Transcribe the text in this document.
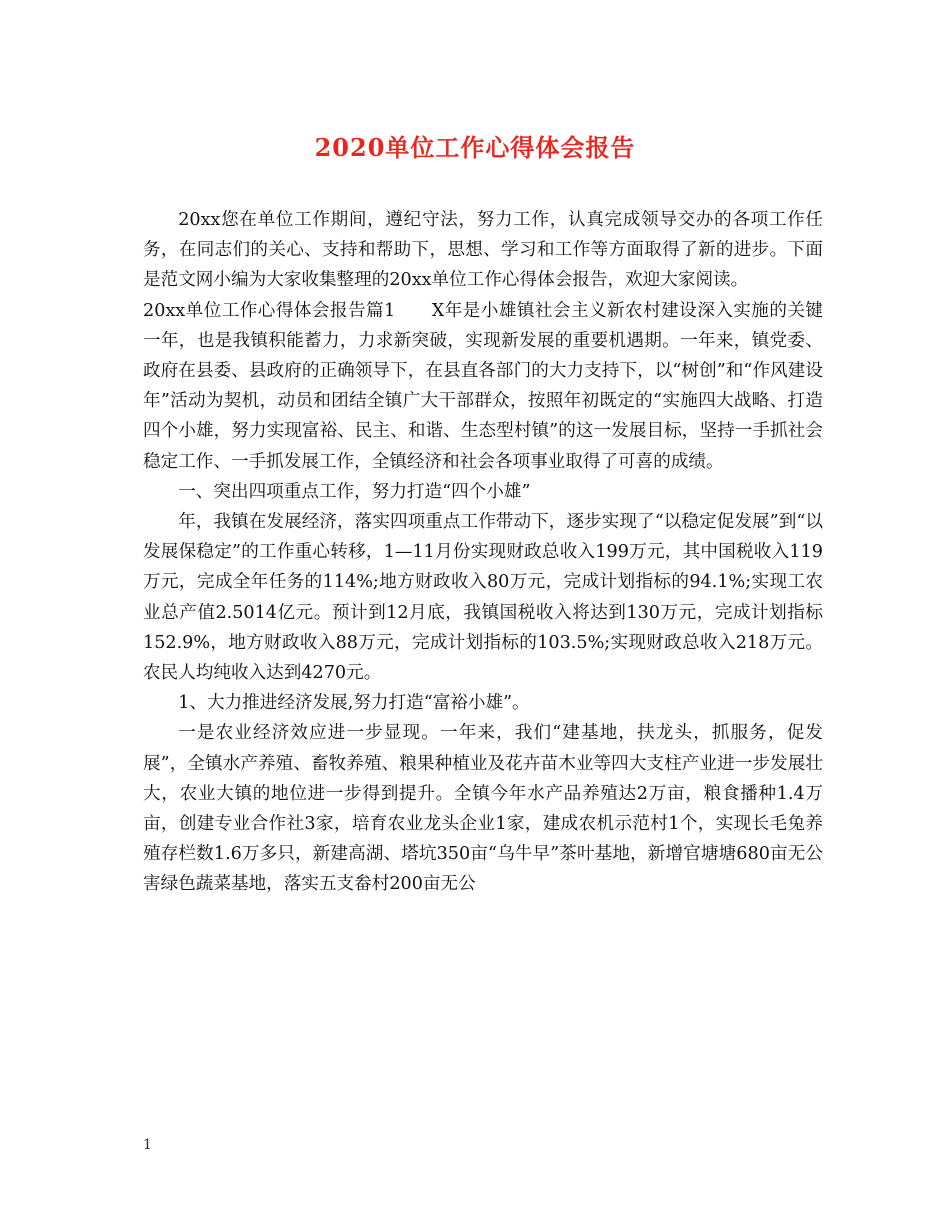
2020单位工作心得体会报告

20xx您在单位工作期间，遵纪守法，努力工作，认真完成领导交办的各项工作任务，在同志们的关心、支持和帮助下，思想、学习和工作等方面取得了新的进步。下面是范文网小编为大家收集整理的20xx单位工作心得体会报告，欢迎大家阅读。

20xx单位工作心得体会报告篇1　　X年是小雄镇社会主义新农村建设深入实施的关键一年，也是我镇积能蓄力，力求新突破，实现新发展的重要机遇期。一年来，镇党委、政府在县委、县政府的正确领导下，在县直各部门的大力支持下，以“树创”和“作风建设年”活动为契机，动员和团结全镇广大干部群众，按照年初既定的“实施四大战略、打造四个小雄，努力实现富裕、民主、和谐、生态型村镇”的这一发展目标，坚持一手抓社会稳定工作、一手抓发展工作，全镇经济和社会各项事业取得了可喜的成绩。

一、突出四项重点工作，努力打造“四个小雄”

年，我镇在发展经济，落实四项重点工作带动下，逐步实现了“以稳定促发展”到“以发展保稳定”的工作重心转移，1—11月份实现财政总收入199万元，其中国税收入119万元，完成全年任务的114%;地方财政收入80万元，完成计划指标的94.1%;实现工农业总产值2.5014亿元。预计到12月底，我镇国税收入将达到130万元，完成计划指标152.9%，地方财政收入88万元，完成计划指标的103.5%;实现财政总收入218万元。农民人均纯收入达到4270元。

1、大力推进经济发展,努力打造“富裕小雄”。

一是农业经济效应进一步显现。一年来，我们“建基地，扶龙头，抓服务，促发展”，全镇水产养殖、畜牧养殖、粮果种植业及花卉苗木业等四大支柱产业进一步发展壮大，农业大镇的地位进一步得到提升。全镇今年水产品养殖达2万亩，粮食播种1.4万亩，创建专业合作社3家，培育农业龙头企业1家，建成农机示范村1个，实现长毛兔养殖存栏数1.6万多只，新建高湖、塔坑350亩“乌牛早”茶叶基地，新增官塘塘680亩无公害绿色蔬菜基地，落实五支畚村200亩无公

1
